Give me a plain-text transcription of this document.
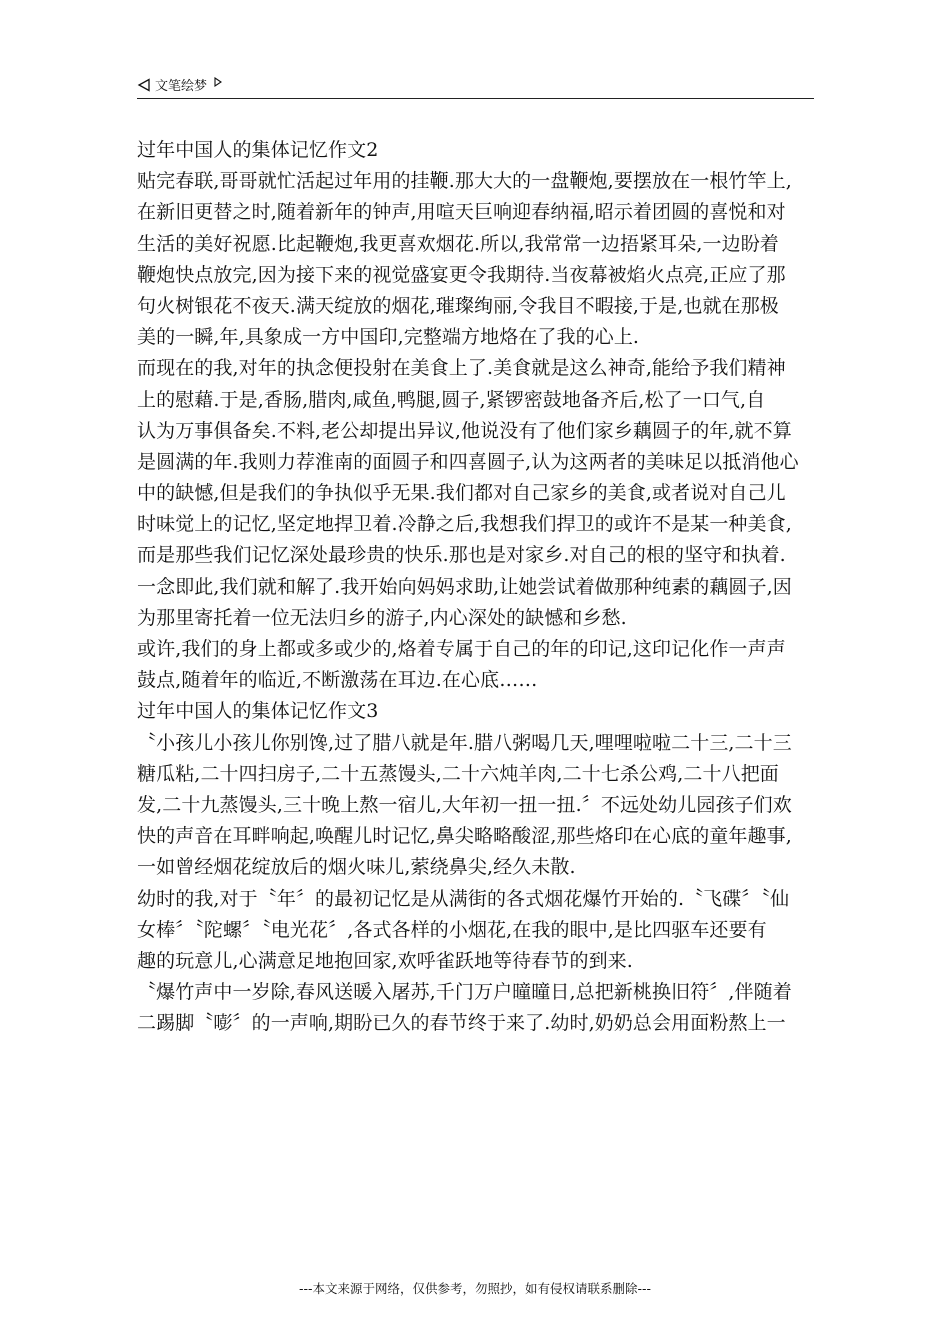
文笔绘梦
过年中国人的集体记忆作文2
贴完春联,哥哥就忙活起过年用的挂鞭.那大大的一盘鞭炮,要摆放在一根竹竿上,
在新旧更替之时,随着新年的钟声,用喧天巨响迎春纳福,昭示着团圆的喜悦和对
生活的美好祝愿.比起鞭炮,我更喜欢烟花.所以,我常常一边捂紧耳朵,一边盼着
鞭炮快点放完,因为接下来的视觉盛宴更令我期待.当夜幕被焰火点亮,正应了那
句火树银花不夜天.满天绽放的烟花,璀璨绚丽,令我目不暇接,于是,也就在那极
美的一瞬,年,具象成一方中国印,完整端方地烙在了我的心上.
而现在的我,对年的执念便投射在美食上了.美食就是这么神奇,能给予我们精神
上的慰藉.于是,香肠,腊肉,咸鱼,鸭腿,圆子,紧锣密鼓地备齐后,松了一口气,自
认为万事俱备矣.不料,老公却提出异议,他说没有了他们家乡藕圆子的年,就不算
是圆满的年.我则力荐淮南的面圆子和四喜圆子,认为这两者的美味足以抵消他心
中的缺憾,但是我们的争执似乎无果.我们都对自己家乡的美食,或者说对自己儿
时味觉上的记忆,坚定地捍卫着.冷静之后,我想我们捍卫的或许不是某一种美食,
而是那些我们记忆深处最珍贵的快乐.那也是对家乡.对自己的根的坚守和执着.
一念即此,我们就和解了.我开始向妈妈求助,让她尝试着做那种纯素的藕圆子,因
为那里寄托着一位无法归乡的游子,内心深处的缺憾和乡愁.
或许,我们的身上都或多或少的,烙着专属于自己的年的印记,这印记化作一声声
鼓点,随着年的临近,不断激荡在耳边.在心底……
过年中国人的集体记忆作文3
〝小孩儿小孩儿你别馋,过了腊八就是年.腊八粥喝几天,哩哩啦啦二十三,二十三
糖瓜粘,二十四扫房子,二十五蒸馒头,二十六炖羊肉,二十七杀公鸡,二十八把面
发,二十九蒸馒头,三十晚上熬一宿儿,大年初一扭一扭.〞不远处幼儿园孩子们欢
快的声音在耳畔响起,唤醒儿时记忆,鼻尖略略酸涩,那些烙印在心底的童年趣事,
一如曾经烟花绽放后的烟火味儿,萦绕鼻尖,经久未散.
幼时的我,对于〝年〞的最初记忆是从满街的各式烟花爆竹开始的.〝飞碟〞〝仙
女棒〞〝陀螺〞〝电光花〞,各式各样的小烟花,在我的眼中,是比四驱车还要有
趣的玩意儿,心满意足地抱回家,欢呼雀跃地等待春节的到来.
〝爆竹声中一岁除,春风送暖入屠苏,千门万户曈曈日,总把新桃换旧符〞,伴随着
二踢脚〝嘭〞的一声响,期盼已久的春节终于来了.幼时,奶奶总会用面粉熬上一
---本文来源于网络，仅供参考，勿照抄，如有侵权请联系删除---
